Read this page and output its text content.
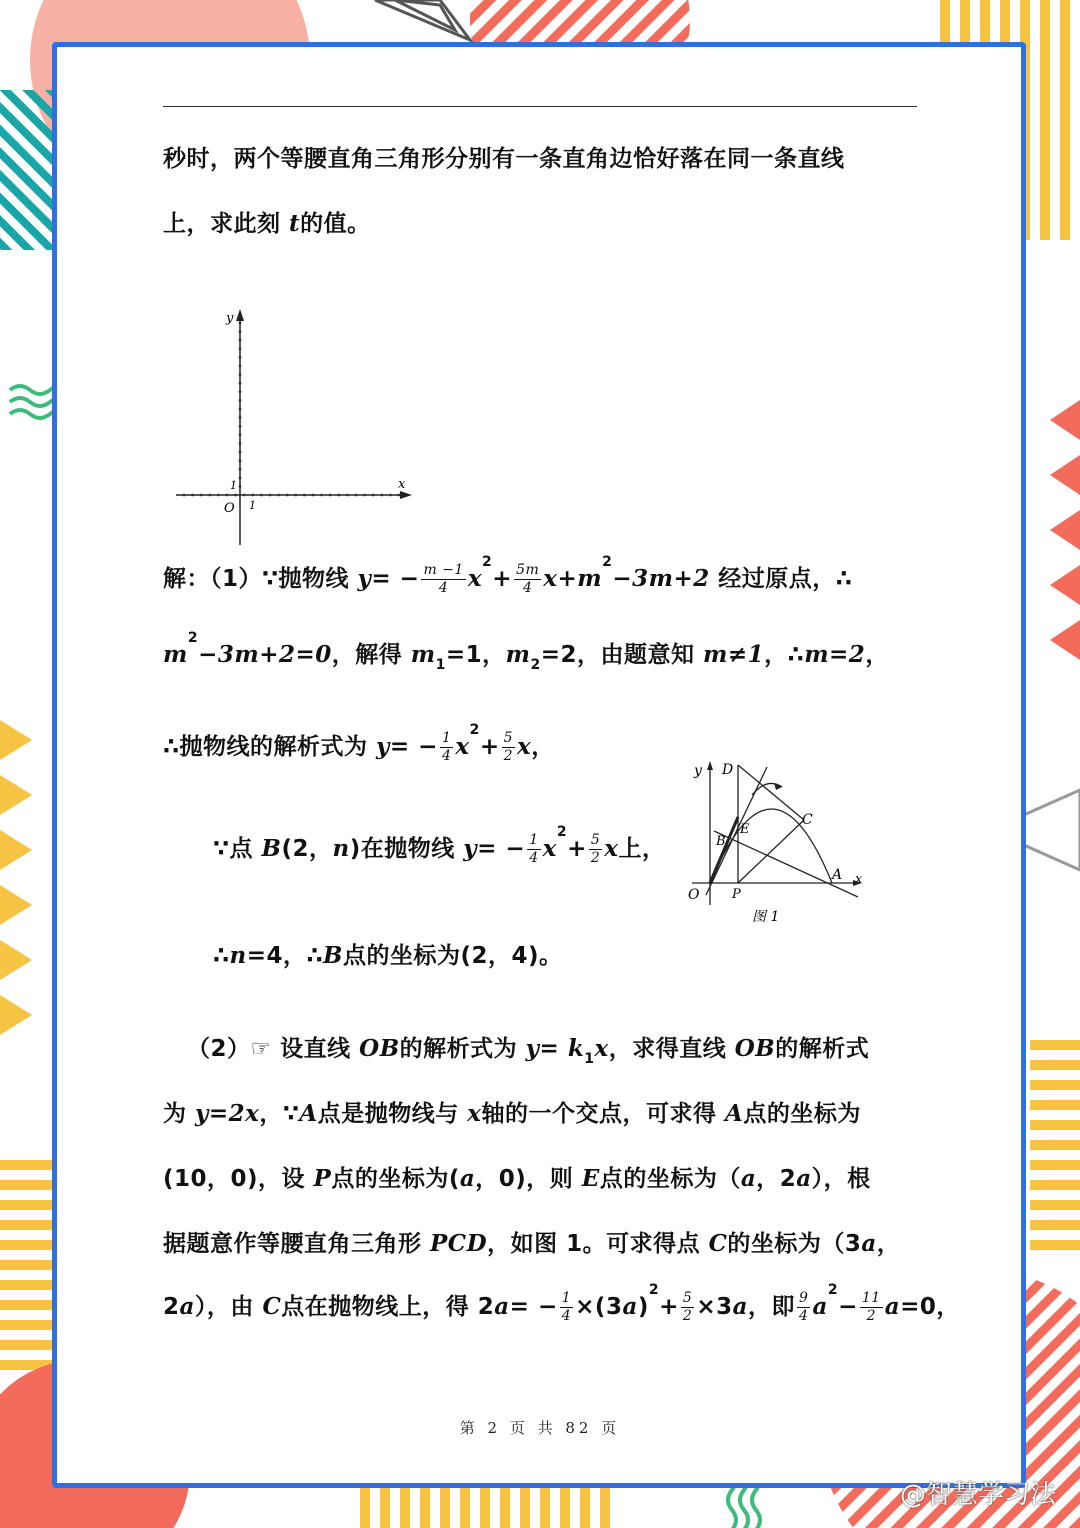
秒时，两个等腰直角三角形分别有一条直角边恰好落在同一条直线
上，求此刻 t的值。
y
x
O
1
1
解：（1）∵抛物线 $y= - \frac{m -1}{4} x^2+ \frac{5m}{4} x+m^2-3m+2$ 经过原点，∴
$m^2-3m+2=0$，解得 $m_1=1$，$m_2=2$，由题意知 m≠1，∴m=2，
∴抛物线的解析式为 $y= - \frac{1}{4} x^2+ \frac{5}{2}$ x，
∵点 B(2，n)在抛物线 $y= - \frac{1}{4} x^2+ \frac{5}{2}$ x上，
y D
C
E
B
A x
O	P
图 1
∴n=4，∴B点的坐标为(2，4)。
（2）☞ 设直线 OB的解析式为 $y= k_1x$，求得直线 OB的解析式
为 y=2x，∵A点是抛物线与 x轴的一个交点，可求得 A点的坐标为
(10，0)，设 P点的坐标为(a，0)，则 E点的坐标为（a，2a），根
据题意作等腰直角三角形 PCD，如图 1。可求得点 C的坐标为（3a，
2a），由 C点在抛物线上，得 $2a= - \frac{1}{4} \times(3a)^2+ \frac{5}{2} \times 3a$，即 $\frac{9}{4} a^2- \frac{11}{2} a=0$，
第 2 页 共 82 页
@智慧学习法
